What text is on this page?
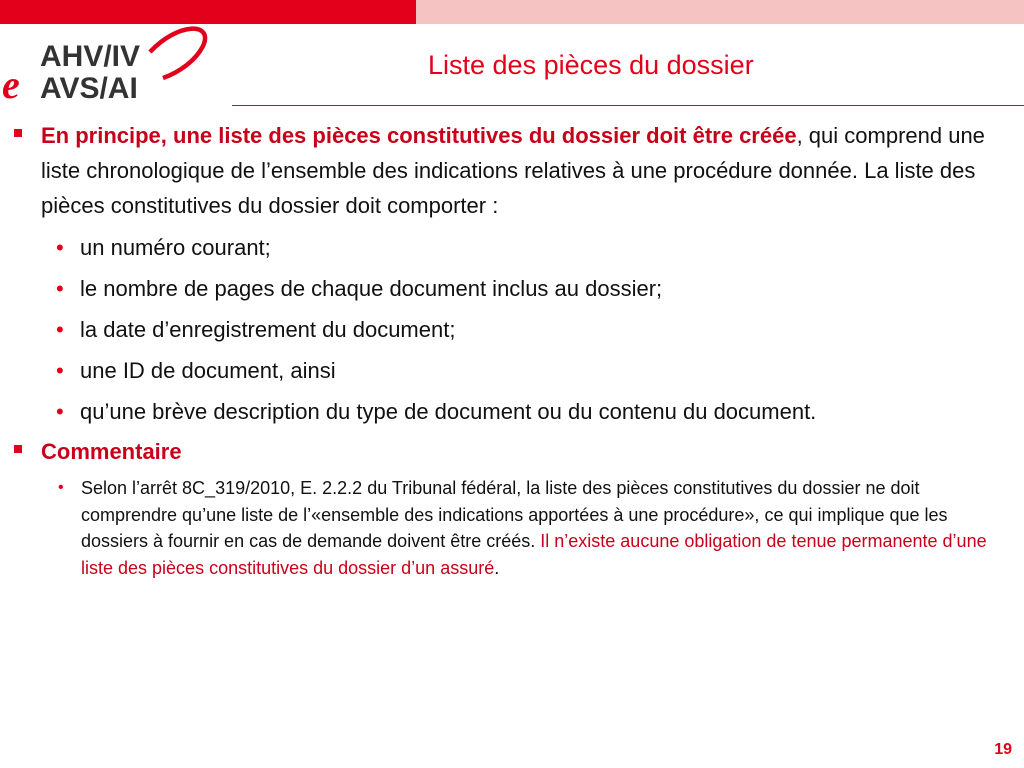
AHV/IV
AVS/AI
e	Liste des pièces du dossier
En principe, une liste des pièces constitutives du dossier doit être créée, qui comprend une liste chronologique de l’ensemble des indications relatives à une procédure donnée. La liste des pièces constitutives du dossier doit comporter :
• un numéro courant;
• le nombre de pages de chaque document inclus au dossier;
• la date d’enregistrement du document;
• une ID de document, ainsi
• qu’une brève description du type de document ou du contenu du document.
Commentaire
• Selon l’arrêt 8C_319/2010, E. 2.2.2 du Tribunal fédéral, la liste des pièces constitutives du dossier ne doit comprendre qu’une liste de l’«ensemble des indications apportées à une procédure», ce qui implique que les dossiers à fournir en cas de demande doivent être créés. Il n’existe aucune obligation de tenue permanente d’une liste des pièces constitutives du dossier d’un assuré.
19
